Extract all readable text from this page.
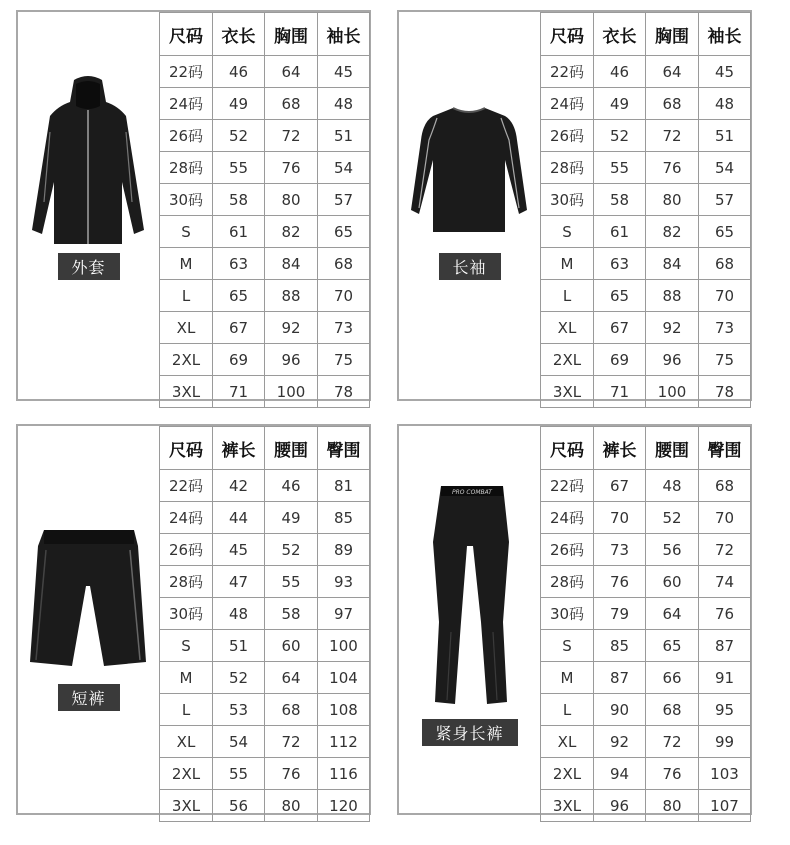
外套
尺码	衣长	胸围	袖长
22码	46	64	45
24码	49	68	48
26码	52	72	51
28码	55	76	54
30码	58	80	57
S	61	82	65
M	63	84	68
L	65	88	70
XL	67	92	73
2XL	69	96	75
3XL	71	100	78
长袖
尺码	衣长	胸围	袖长
22码	46	64	45
24码	49	68	48
26码	52	72	51
28码	55	76	54
30码	58	80	57
S	61	82	65
M	63	84	68
L	65	88	70
XL	67	92	73
2XL	69	96	75
3XL	71	100	78
短裤
尺码	裤长	腰围	臀围
22码	42	46	81
24码	44	49	85
26码	45	52	89
28码	47	55	93
30码	48	58	97
S	51	60	100
M	52	64	104
L	53	68	108
XL	54	72	112
2XL	55	76	116
3XL	56	80	120
PRO COMBAT
紧身长裤
尺码	裤长	腰围	臀围
22码	67	48	68
24码	70	52	70
26码	73	56	72
28码	76	60	74
30码	79	64	76
S	85	65	87
M	87	66	91
L	90	68	95
XL	92	72	99
2XL	94	76	103
3XL	96	80	107
